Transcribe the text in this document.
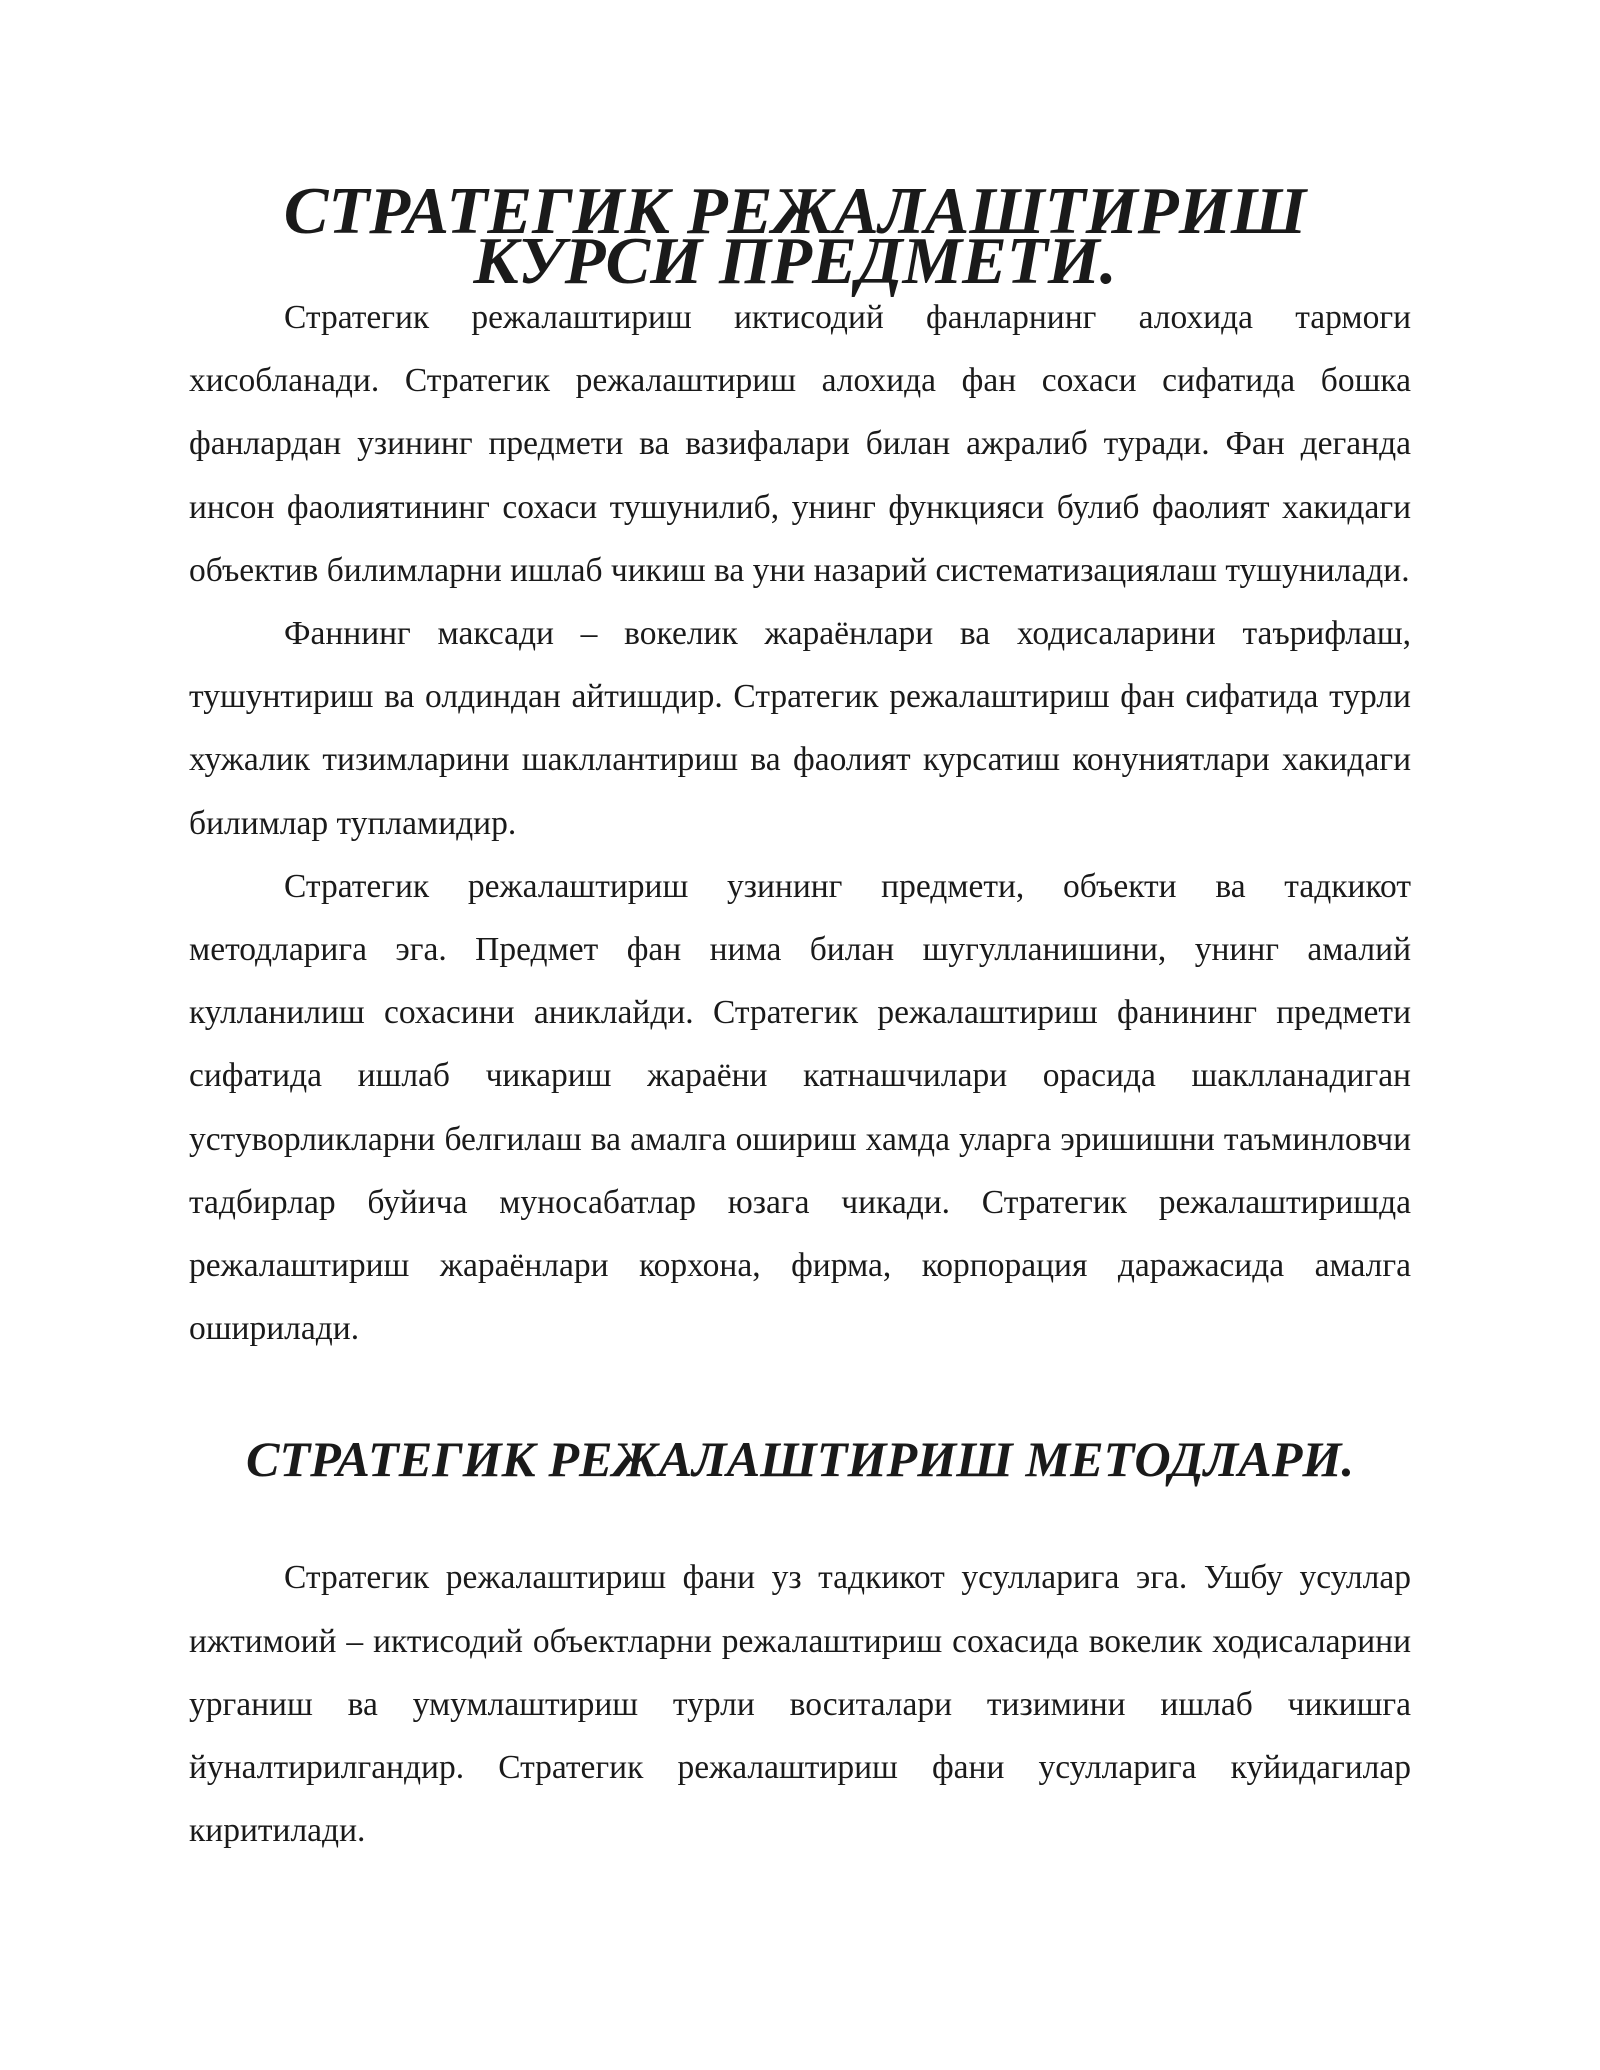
СТРАТЕГИК РЕЖАЛАШТИРИШ КУРСИ ПРЕДМЕТИ.

Стратегик режалаштириш иктисодий фанларнинг алохида тармоги хисобланади. Стратегик режалаштириш алохида фан сохаси сифатида бошка фанлардан узининг предмети ва вазифалари билан ажралиб туради. Фан деганда инсон фаолиятининг сохаси тушунилиб, унинг функцияси булиб фаолият хакидаги объектив билимларни ишлаб чикиш ва уни назарий систематизациялаш тушунилади.

Фаннинг максади – вокелик жараёнлари ва ходисаларини таърифлаш, тушунтириш ва олдиндан айтишдир. Стратегик режалаштириш фан сифатида турли хужалик тизимларини шакллантириш ва фаолият курсатиш конуниятлари хакидаги билимлар тупламидир.

Стратегик режалаштириш узининг предмети, объекти ва тадкикот методларига эга. Предмет фан нима билан шугулланишини, унинг амалий кулланилиш сохасини аниклайди. Стратегик режалаштириш фанининг предмети сифатида ишлаб чикариш жараёни катнашчилари орасида шаклланадиган устуворликларни белгилаш ва амалга ошириш хамда уларга эришишни таъминловчи тадбирлар буйича муносабатлар юзага чикади. Стратегик режалаштиришда режалаштириш жараёнлари корхона, фирма, корпорация даражасида амалга оширилади.

СТРАТЕГИК РЕЖАЛАШТИРИШ МЕТОДЛАРИ.

Стратегик режалаштириш фани уз тадкикот усулларига эга. Ушбу усуллар ижтимоий – иктисодий объектларни режалаштириш сохасида вокелик ходисаларини урганиш ва умумлаштириш турли воситалари тизимини ишлаб чикишга йуналтирилгандир. Стратегик режалаштириш фани усулларига куйидагилар киритилади.
